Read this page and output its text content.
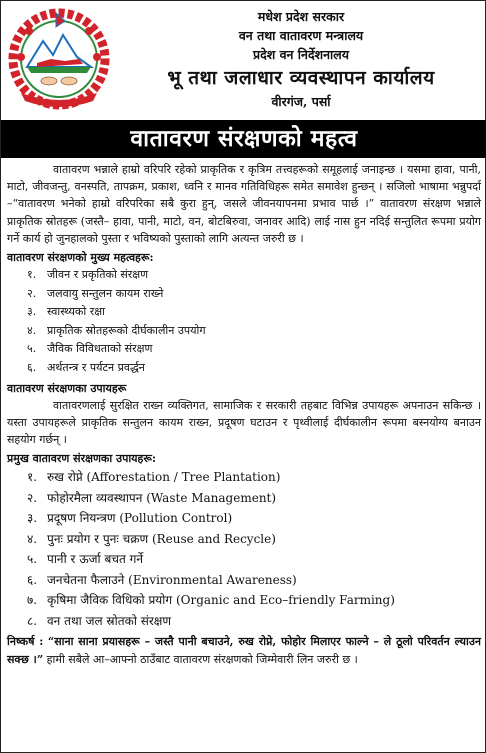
मधेश प्रदेश सरकार
वन तथा वातावरण मन्त्रालय
प्रदेश वन निर्देशनालय
भू तथा जलाधार व्यवस्थापन कार्यालय
वीरगंज, पर्सा
वातावरण संरक्षणको महत्व

वातावरण भन्नाले हाम्रो वरिपरि रहेको प्राकृतिक र कृत्रिम तत्त्वहरूको समूहलाई जनाइन्छ । यसमा हावा, पानी, माटो, जीवजन्तु, वनस्पति, तापक्रम, प्रकाश, ध्वनि र मानव गतिविधिहरू समेत समावेश हुन्छन् । सजिलो भाषामा भन्नुपर्दा –“वातावरण भनेको हाम्रो वरिपरिका सबै कुरा हुन्, जसले जीवनयापनमा प्रभाव पार्छ ।” वातावरण संरक्षण भन्नाले प्राकृतिक स्रोतहरू (जस्तै– हावा, पानी, माटो, वन, बोटबिरुवा, जनावर आदि) लाई नास हुन नदिई सन्तुलित रूपमा प्रयोग गर्ने कार्य हो जुनहाल‌को पुस्ता र भविष्यको पुस्ताको लागि अत्यन्त जरुरी छ ।

वातावरण संरक्षणको मुख्य महत्वहरू:
१. जीवन र प्रकृतिको संरक्षण
२. जलवायु सन्तुलन कायम राख्ने
३. स्वास्थ्यको रक्षा
४. प्राकृतिक स्रोतहरूको दीर्घकालीन उपयोग
५. जैविक विविधताको संरक्षण
६. अर्थतन्त्र र पर्यटन प्रवर्द्धन
वातावरण संरक्षणका उपायहरू

वातावरणलाई सुरक्षित राख्न व्यक्तिगत, सामाजिक र सरकारी तहबाट विभिन्न उपायहरू अपनाउन सकिन्छ । यस्ता उपायहरूले प्राकृतिक सन्तुलन कायम राख्न, प्रदूषण घटाउन र पृथ्वीलाई दीर्घकालीन रूपमा बस्नयोग्य बनाउन सहयोग गर्छन् ।

प्रमुख वातावरण संरक्षणका उपायहरू:
१. रुख रोप्ने (Afforestation / Tree Plantation)
२. फोहोरमैला व्यवस्थापन (Waste Management)
३. प्रदूषण नियन्त्रण (Pollution Control)
४. पुनः प्रयोग र पुनः चक्रण (Reuse and Recycle)
५. पानी र ऊर्जा बचत गर्ने
६. जनचेतना फैलाउने (Environmental Awareness)
७. कृषिमा जैविक विधिको प्रयोग (Organic and Eco–friendly Farming)
८. वन तथा जल स्रोतको संरक्षण

निष्कर्ष : “साना साना प्रयासहरू – जस्तै पानी बचाउने, रुख रोप्ने, फोहोर मिलाएर फाल्ने – ले ठूलो परिवर्तन ल्याउन सक्छ ।” हामी सबैले आ–आफ्नो ठाउँबाट वातावरण संरक्षणको जिम्मेवारी लिन जरुरी छ ।
